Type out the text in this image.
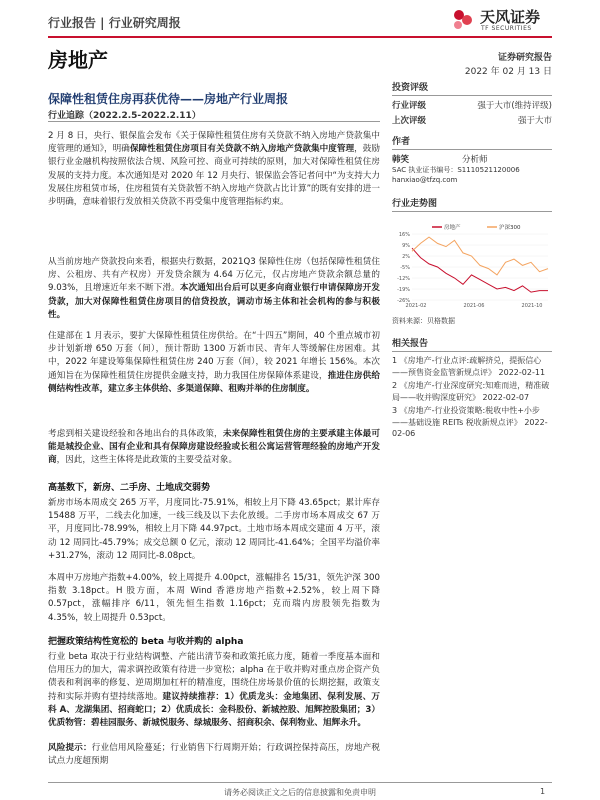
行业报告 | 行业研究周报	天风证券
TF SECURITIES
房地产	证券研究报告
2022 年 02 月 13 日
保障性租赁住房再获优待——房地产行业周报
行业追踪（2022.2.5-2022.2.11）

2 月 8 日，央行、银保监会发布《关于保障性租赁住房有关贷款不纳入房地产贷款集中度管理的通知》，明确保障性租赁住房项目有关贷款不纳入房地产贷款集中度管理，鼓励银行业金融机构按照依法合规、风险可控、商业可持续的原则，加大对保障性租赁住房发展的支持力度。本次通知是对 2020 年 12 月央行、银保监会答记者问中“为支持大力发展住房租赁市场，住房租赁有关贷款暂不纳入房地产贷款占比计算”的既有安排的进一步明确，意味着银行发放相关贷款不再受集中度管理指标约束。

从当前房地产贷款投向来看，根据央行数据，2021Q3 保障性住房（包括保障性租赁住房、公租房、共有产权房）开发贷余额为 4.64 万亿元，仅占房地产贷款余额总量的 9.03%，且增速近年来不断下滑。本次通知出台后可以更多向商业银行申请保障房开发贷款，加大对保障性租赁住房项目的信贷投放，调动市场主体和社会机构的参与积极性。

住建部在 1 月表示，要扩大保障性租赁住房供给。在“十四五”期间，40 个重点城市初步计划新增 650 万套（间），预计帮助 1300 万新市民、青年人等缓解住房困难。其中，2022 年建设筹集保障性租赁住房 240 万套（间），较 2021 年增长 156%。本次通知旨在为保障性租赁住房提供金融支持，助力我国住房保障体系建设，推进住房供给侧结构性改革，建立多主体供给、多渠道保障、租购并举的住房制度。

考虑到相关建设经验和各地出台的具体政策，未来保障性租赁住房的主要承建主体最可能是城投企业、国有企业和具有保障房建设经验或长租公寓运营管理经验的房地产开发商，因此，这些主体将是此政策的主要受益对象。

高基数下，新房、二手房、土地成交弱势
新房市场本周成交 265 万平，月度同比-75.91%，相较上月下降 43.65pct；累计库存 15488 万平，二线去化加速，一线三线及以下去化放缓。二手房市场本周成交 67 万平，月度同比-78.99%，相较上月下降 44.97pct。土地市场本周成交建面 4 万平，滚动 12 周同比-45.79%；成交总额 0 亿元，滚动 12 周同比-41.64%；全国平均溢价率+31.27%，滚动 12 周同比-8.08pct。
本周申万房地产指数+4.00%，较上周提升 4.00pct，涨幅排名 15/31，领先沪深 300 指数 3.18pct。H 股方面，本周 Wind 香港房地产指数+2.52%，较上周下降 0.57pct，涨幅排序 6/11，领先恒生指数 1.16pct；克而瑞内房股领先指数为 4.35%，较上周提升 0.53pct。
把握政策结构性宽松的 beta 与收并购的 alpha

行业 beta 取决于行业结构调整、产能出清节奏和政策托底力度，随着一季度基本面和信用压力的加大，需求调控政策有待进一步宽松；alpha 在于收并购对重点房企资产负债表和利润率的修复、逆周期加杠杆的精准度，围绕住房场景价值的长期挖掘，政策支持和实际并购有望持续落地。建议持续推荐：1）优质龙头：金地集团、保利发展、万科 A、龙湖集团、招商蛇口；2）优质成长：金科股份、新城控股、旭辉控股集团；3）优质物管：碧桂园服务、新城悦服务、绿城服务、招商积余、保利物业、旭辉永升。

风险提示：行业信用风险蔓延；行业销售下行周期开始；行政调控保持高压，房地产税试点力度超预期

投资评级
行业评级	强于大市(维持评级)
上次评级	强于大市
作者
韩笑	分析师
SAC 执业证书编号：S1110521120006
hanxiao@tfzq.com
行业走势图
16%
9%
2%
-5%
-12%
-19%
-26%
2021-02	2021-06	2021-10
房地产	沪深300
资料来源：贝格数据
相关报告
1 《房地产-行业点评:疏解挤兑，提振信心——预售资金监管新规点评》 2022-02-11
2 《房地产-行业深度研究:知难而进，精准破局——收并购深度研究》 2022-02-07
3 《房地产-行业投资策略:税收中性+小步——基础设施 REITs 税收新规点评》 2022-02-06
请务必阅读正文之后的信息披露和免责申明	1
